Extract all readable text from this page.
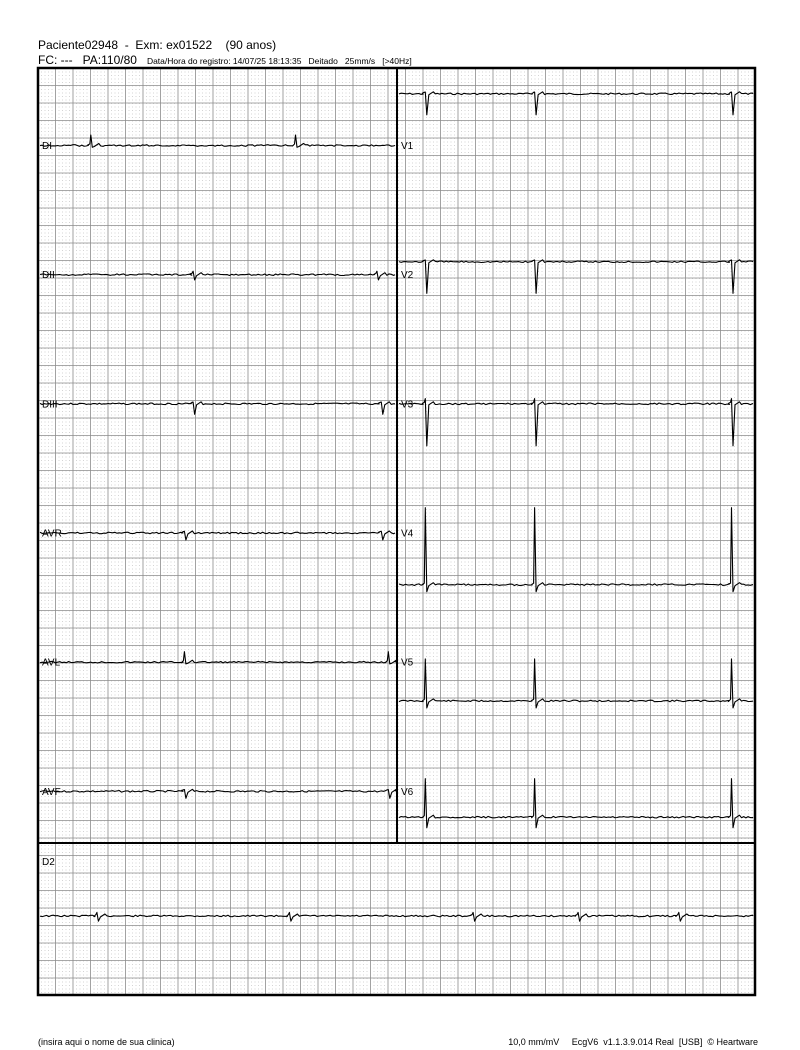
Paciente02948  -  Exm: ex01522    (90 anos)
FC: ---   PA:110/80 Data/Hora do registro: 14/07/25 18:13:35   Deitado   25mm/s   [>40Hz]
DI
DII
DIII
AVR
AVL
AVF
V1
V2
V3
V4
V5
V6
D2
(insira aqui o nome de sua clinica)	10,0 mm/mV EcgV6  v1.1.3.9.014 Real  [USB]  © Heartware
